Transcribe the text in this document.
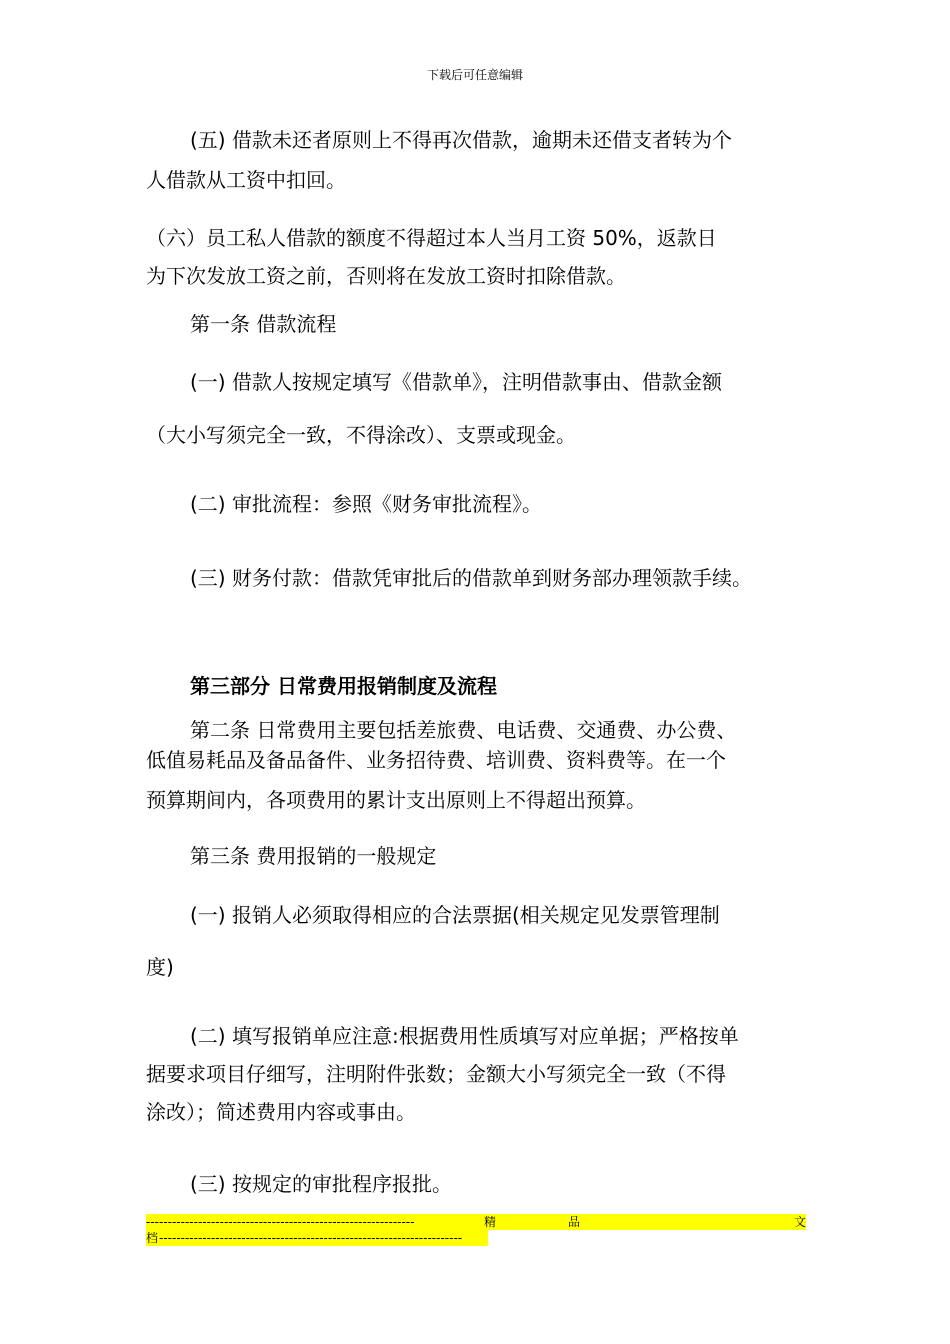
下载后可任意编辑
(五) 借款未还者原则上不得再次借款，逾期未还借支者转为个
人借款从工资中扣回。
（六）员工私人借款的额度不得超过本人当月工资 50%，返款日
为下次发放工资之前，否则将在发放工资时扣除借款。
第一条 借款流程
(一) 借款人按规定填写《借款单》，注明借款事由、借款金额
（大小写须完全一致，不得涂改）、支票或现金。
(二) 审批流程：参照《财务审批流程》。
(三) 财务付款：借款凭审批后的借款单到财务部办理领款手续。
第三部分 日常费用报销制度及流程
第二条 日常费用主要包括差旅费、电话费、交通费、办公费、
低值易耗品及备品备件、业务招待费、培训费、资料费等。在一个
预算期间内，各项费用的累计支出原则上不得超出预算。
第三条 费用报销的一般规定
(一) 报销人必须取得相应的合法票据(相关规定见发票管理制
度)
(二) 填写报销单应注意:根据费用性质填写对应单据；严格按单
据要求项目仔细写，注明附件张数；金额大小写须完全一致（不得
涂改）；简述费用内容或事由。
(三) 按规定的审批程序报批。
--------------------------------------------------------------	精	品	文
档 ----------------------------------------------------------------------
